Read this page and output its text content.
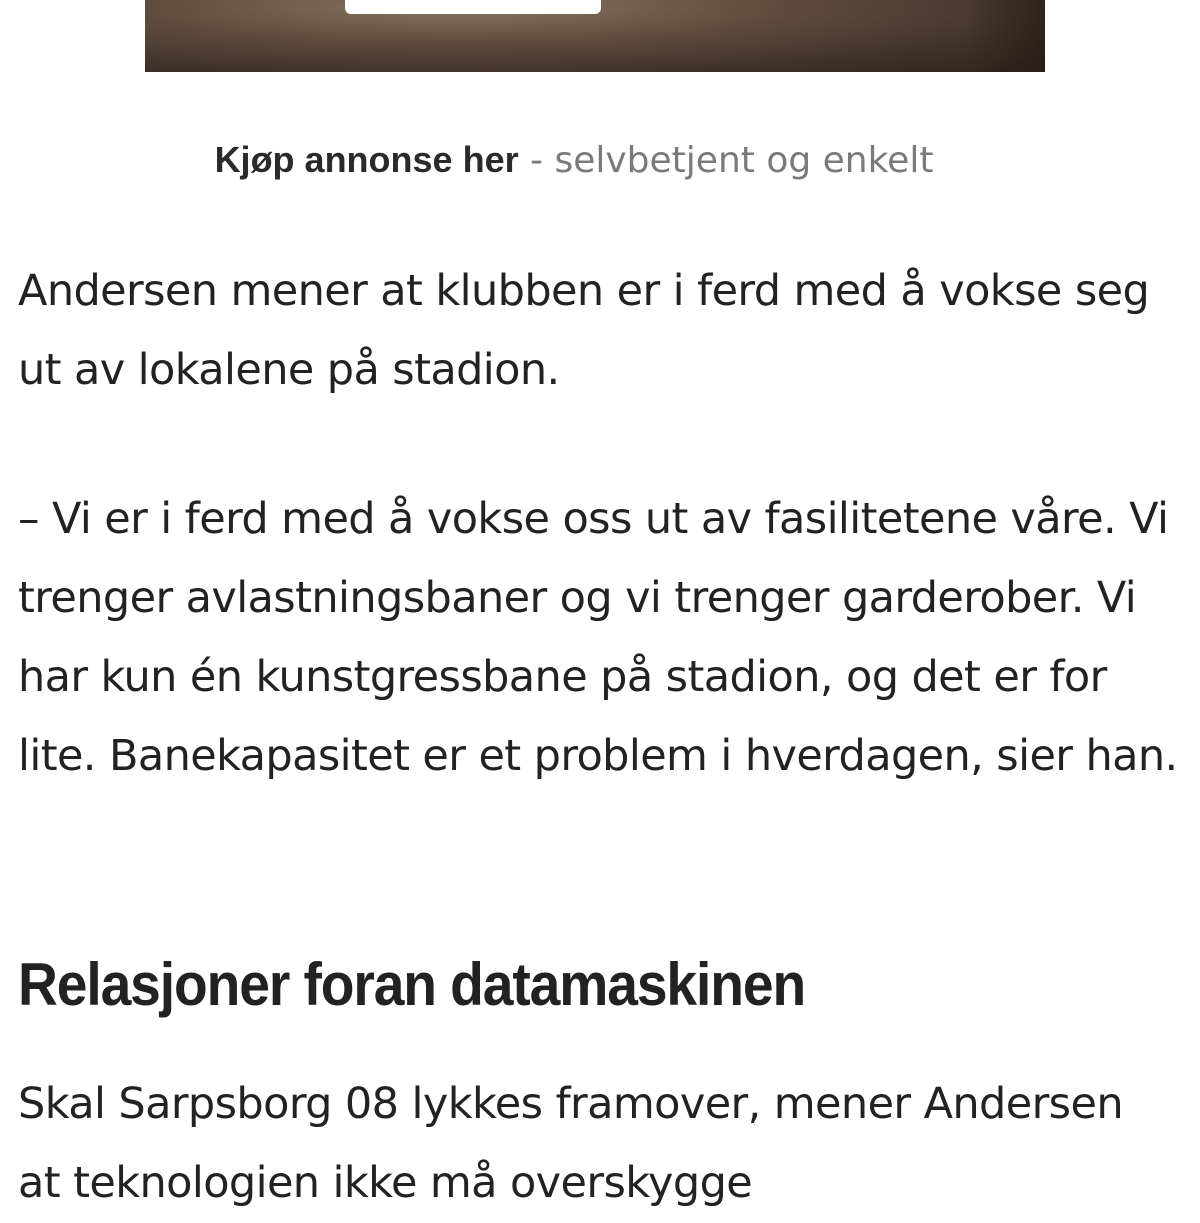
Kjøp annonse her - selvbetjent og enkelt

Andersen mener at klubben er i ferd med å vokse seg ut av lokalene på stadion.

– Vi er i ferd med å vokse oss ut av fasilitetene våre. Vi trenger avlastningsbaner og vi trenger garderober. Vi har kun én kunstgressbane på stadion, og det er for lite. Banekapasitet er et problem i hverdagen, sier han.

Relasjoner foran datamaskinen

Skal Sarpsborg 08 lykkes framover, mener Andersen at teknologien ikke må overskygge
